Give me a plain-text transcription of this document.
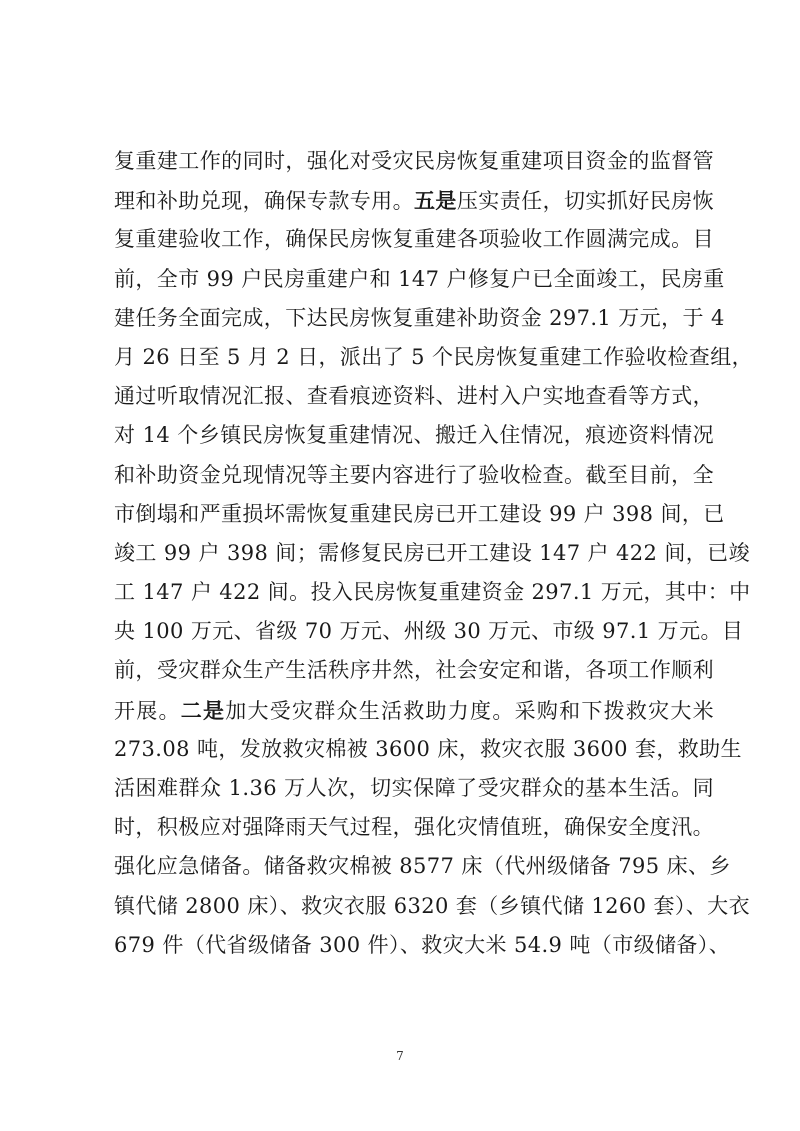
复重建工作的同时，强化对受灾民房恢复重建项目资金的监督管
理和补助兑现，确保专款专用。五是压实责任，切实抓好民房恢
复重建验收工作，确保民房恢复重建各项验收工作圆满完成。目
前，全市 99 户民房重建户和 147 户修复户已全面竣工，民房重
建任务全面完成，下达民房恢复重建补助资金 297.1 万元，于 4
月 26 日至 5 月 2 日，派出了 5 个民房恢复重建工作验收检查组，
通过听取情况汇报、查看痕迹资料、进村入户实地查看等方式，
对 14 个乡镇民房恢复重建情况、搬迁入住情况，痕迹资料情况
和补助资金兑现情况等主要内容进行了验收检查。截至目前，全
市倒塌和严重损坏需恢复重建民房已开工建设 99 户 398 间，已
竣工 99 户 398 间；需修复民房已开工建设 147 户 422 间，已竣
工 147 户 422 间。投入民房恢复重建资金 297.1 万元，其中：中
央 100 万元、省级 70 万元、州级 30 万元、市级 97.1 万元。目
前，受灾群众生产生活秩序井然，社会安定和谐，各项工作顺利
开展。二是加大受灾群众生活救助力度。采购和下拨救灾大米
273.08 吨，发放救灾棉被 3600 床，救灾衣服 3600 套，救助生
活困难群众 1.36 万人次，切实保障了受灾群众的基本生活。同
时，积极应对强降雨天气过程，强化灾情值班，确保安全度汛。
强化应急储备。储备救灾棉被 8577 床（代州级储备 795 床、乡
镇代储 2800 床）、救灾衣服 6320 套（乡镇代储 1260 套）、大衣
679 件（代省级储备 300 件）、救灾大米 54.9 吨（市级储备）、
7
